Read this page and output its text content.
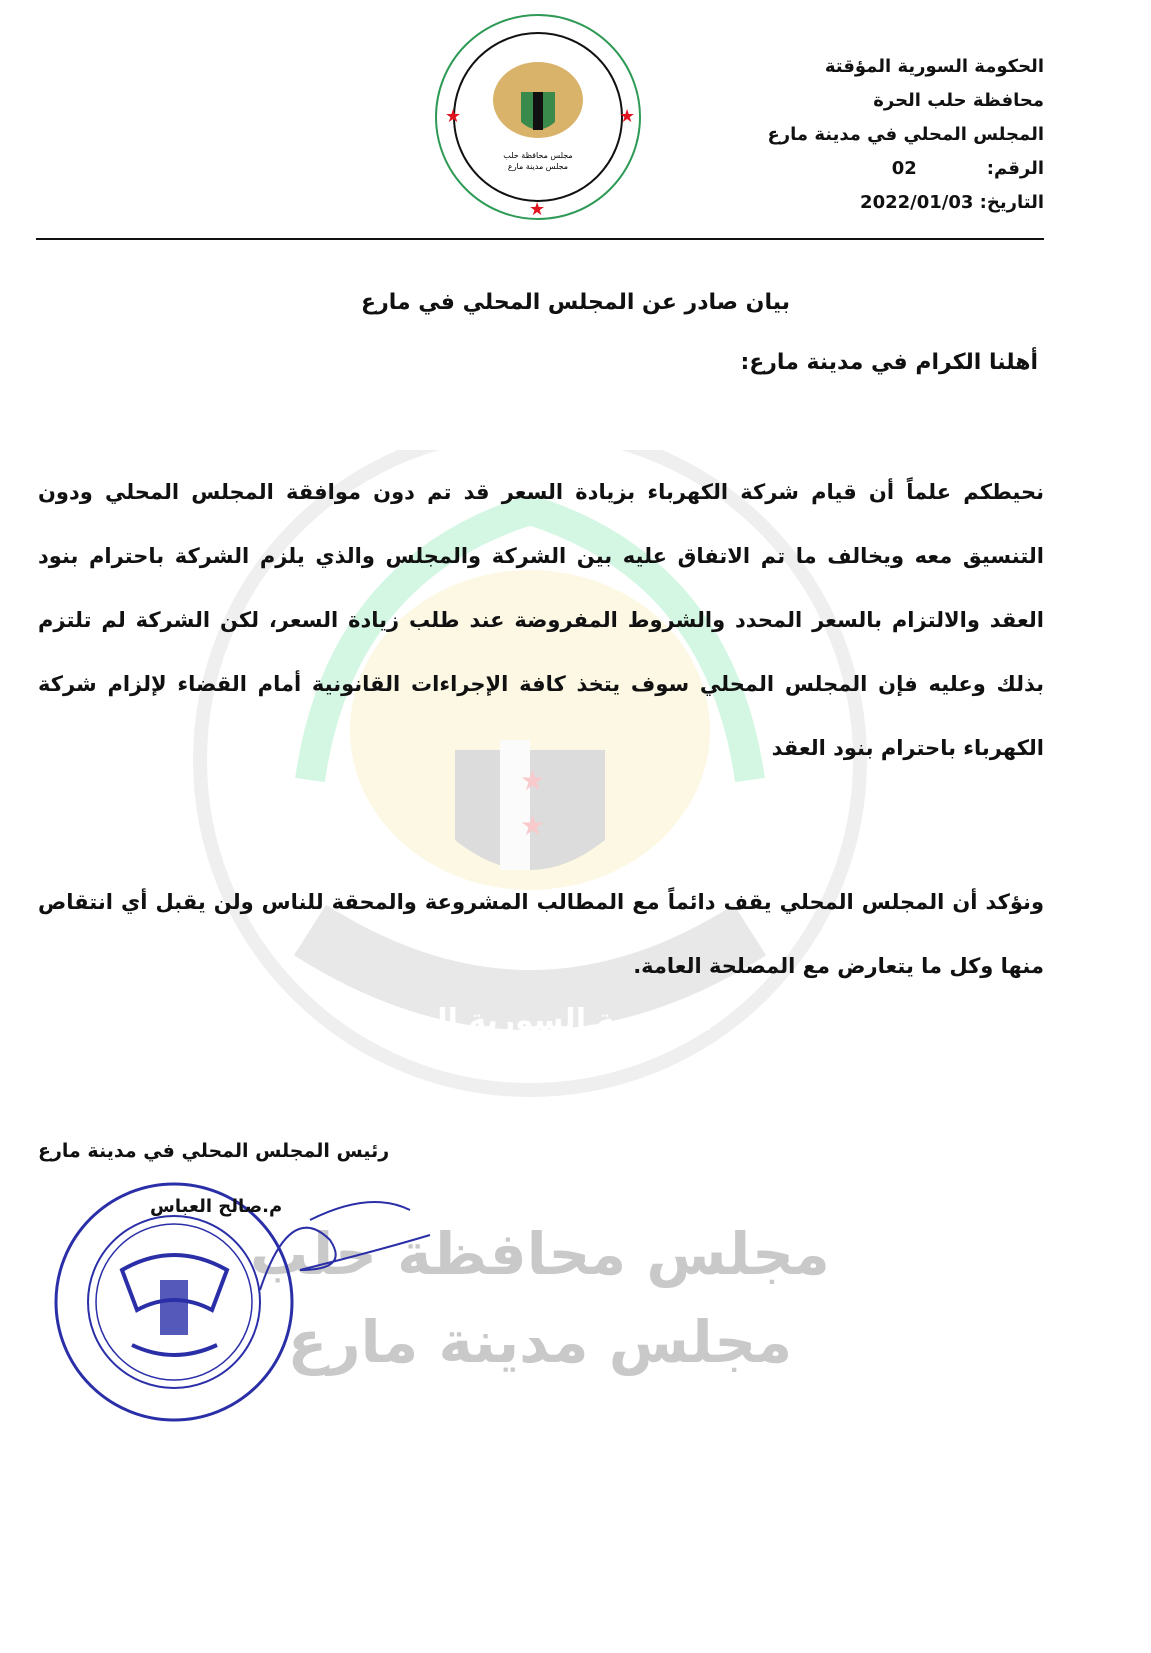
★
★
الحكومة السورية المؤقتة
★	★
★
مجلس محافظة حلب
مجلس مدينة مارع
الحكومة السورية المؤقتة
محافظة حلب الحرة
المجلس المحلي في مدينة مارع
الرقم:02
التاريخ: 2022/01/03
بيان صادر عن المجلس المحلي في مارع
أهلنا الكرام في مدينة مارع:
نحيطكم علماً أن قيام شركة الكهرباء بزيادة السعر قد تم دون موافقة المجلس المحلي ودون التنسيق معه ويخالف ما تم الاتفاق عليه بين الشركة والمجلس والذي يلزم الشركة باحترام بنود العقد والالتزام بالسعر المحدد والشروط المفروضة عند طلب زيادة السعر، لكن الشركة لم تلتزم بذلك وعليه فإن المجلس المحلي سوف يتخذ كافة الإجراءات القانونية أمام القضاء لإلزام شركة الكهرباء باحترام بنود العقد
ونؤكد أن المجلس المحلي يقف دائماً مع المطالب المشروعة والمحقة للناس ولن يقبل أي انتقاص منها وكل ما يتعارض مع المصلحة العامة.
مجلس محافظة حلب
مجلس مدينة مارع
رئيس المجلس المحلي في مدينة مارع
م.صالح العباس
